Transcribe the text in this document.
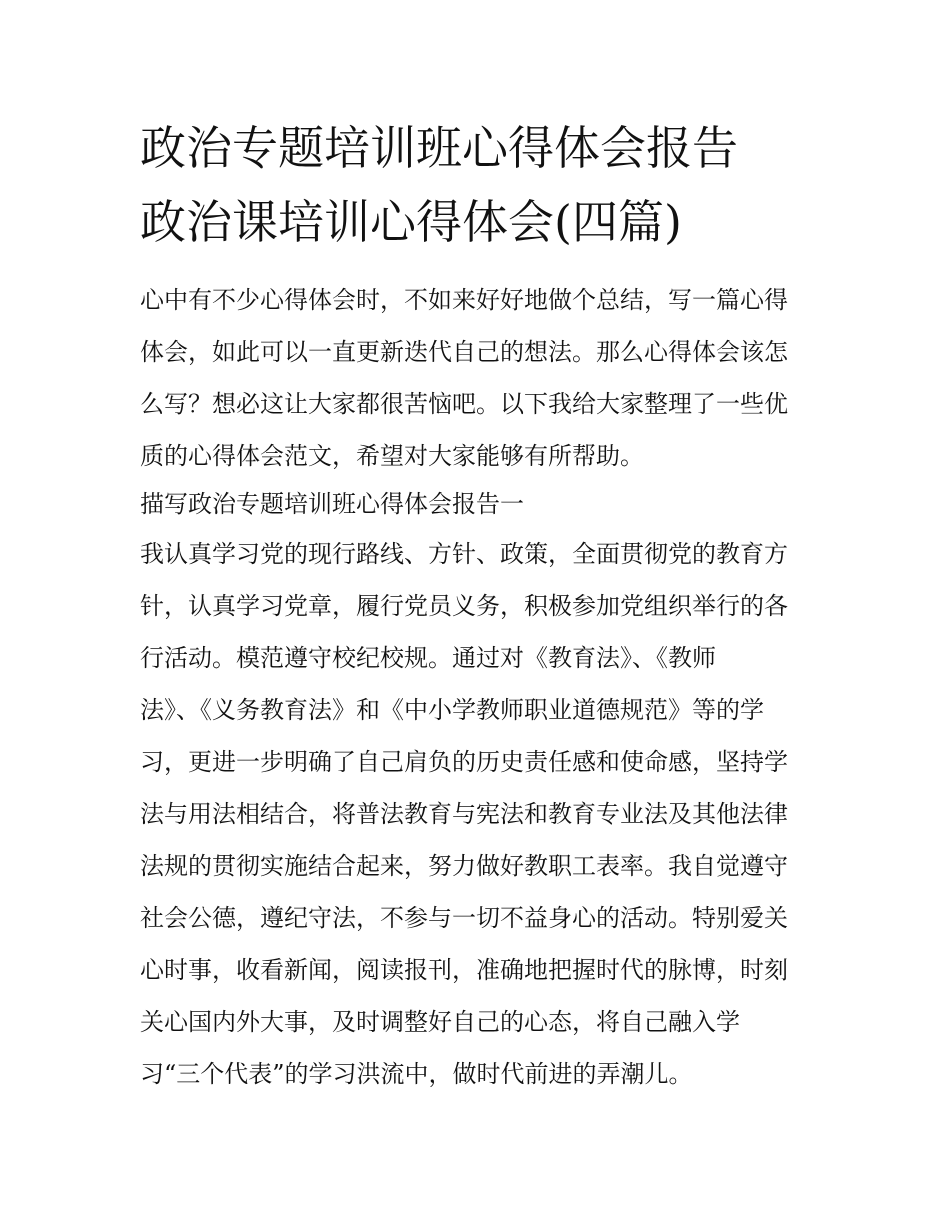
政治专题培训班心得体会报告
政治课培训心得体会(四篇)
心中有不少心得体会时，不如来好好地做个总结，写一篇心得
体会，如此可以一直更新迭代自己的想法。那么心得体会该怎
么写？想必这让大家都很苦恼吧。以下我给大家整理了一些优
质的心得体会范文，希望对大家能够有所帮助。
描写政治专题培训班心得体会报告一
我认真学习党的现行路线、方针、政策，全面贯彻党的教育方
针，认真学习党章，履行党员义务，积极参加党组织举行的各
行活动。模范遵守校纪校规。通过对《教育法》、《教师
法》、《义务教育法》和《中小学教师职业道德规范》等的学
习，更进一步明确了自己肩负的历史责任感和使命感，坚持学
法与用法相结合，将普法教育与宪法和教育专业法及其他法律
法规的贯彻实施结合起来，努力做好教职工表率。我自觉遵守
社会公德，遵纪守法，不参与一切不益身心的活动。特别爱关
心时事，收看新闻，阅读报刊，准确地把握时代的脉博，时刻
关心国内外大事，及时调整好自己的心态，将自己融入学
习“三个代表”的学习洪流中，做时代前进的弄潮儿。
